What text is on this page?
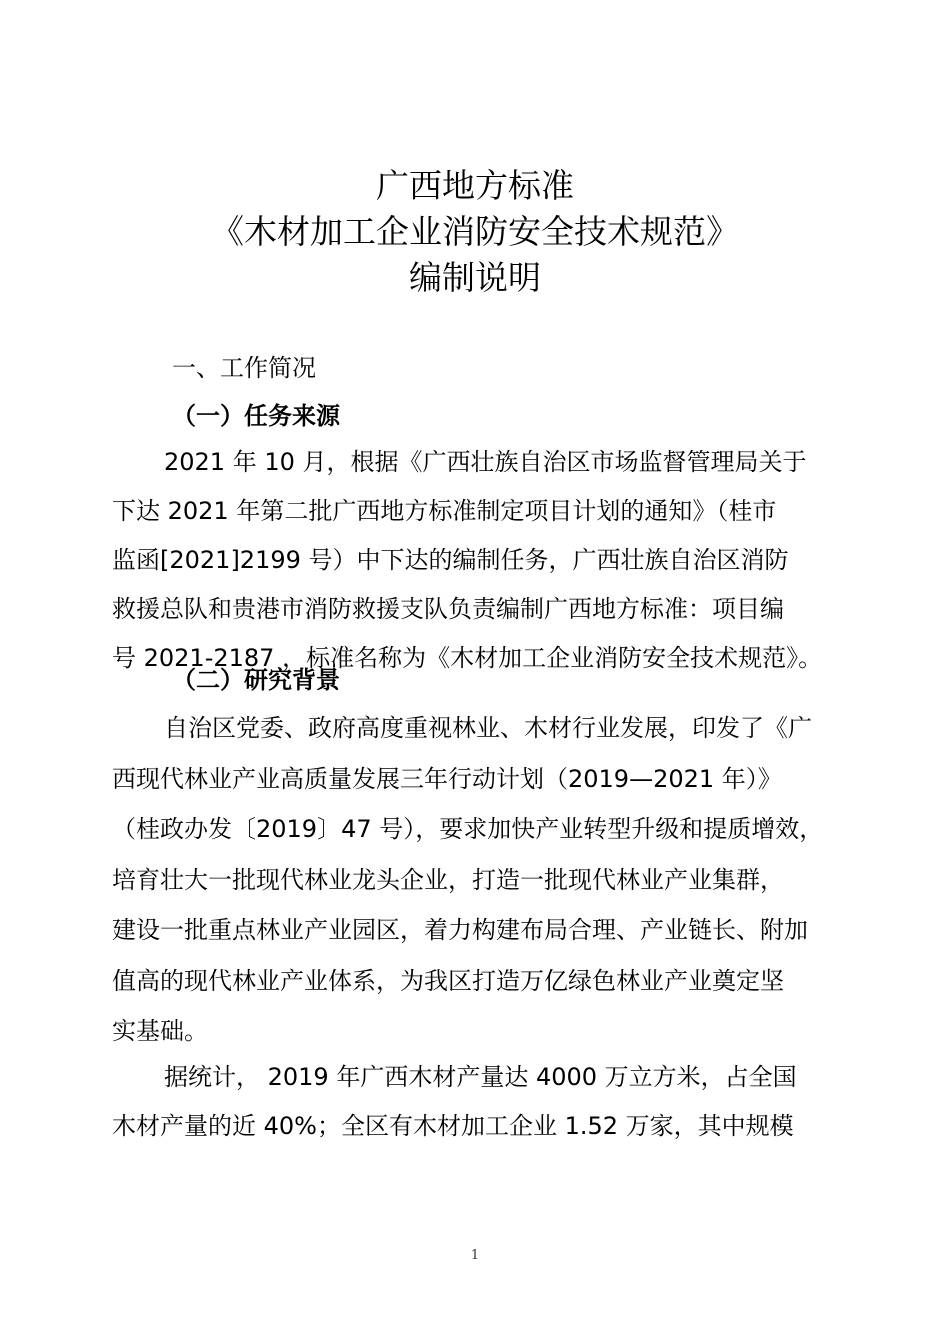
广西地方标准
《木材加工企业消防安全技术规范》
编制说明
一、工作简况
（一）任务来源
2021 年 10 月，根据《广西壮族自治区市场监督管理局关于
下达 2021 年第二批广西地方标准制定项目计划的通知》（桂市
监函[2021]2199 号）中下达的编制任务，广西壮族自治区消防
救援总队和贵港市消防救援支队负责编制广西地方标准：项目编
号 2021-2187 ，标准名称为《木材加工企业消防安全技术规范》。
（二）研究背景
自治区党委、政府高度重视林业、木材行业发展，印发了《广
西现代林业产业高质量发展三年行动计划（2019—2021 年）》
（桂政办发〔2019〕47 号），要求加快产业转型升级和提质增效，
培育壮大一批现代林业龙头企业，打造一批现代林业产业集群，
建设一批重点林业产业园区，着力构建布局合理、产业链长、附加
值高的现代林业产业体系，为我区打造万亿绿色林业产业奠定坚
实基础。
据统计， 2019 年广西木材产量达 4000 万立方米，占全国
木材产量的近 40%；全区有木材加工企业 1.52 万家，其中规模
1
